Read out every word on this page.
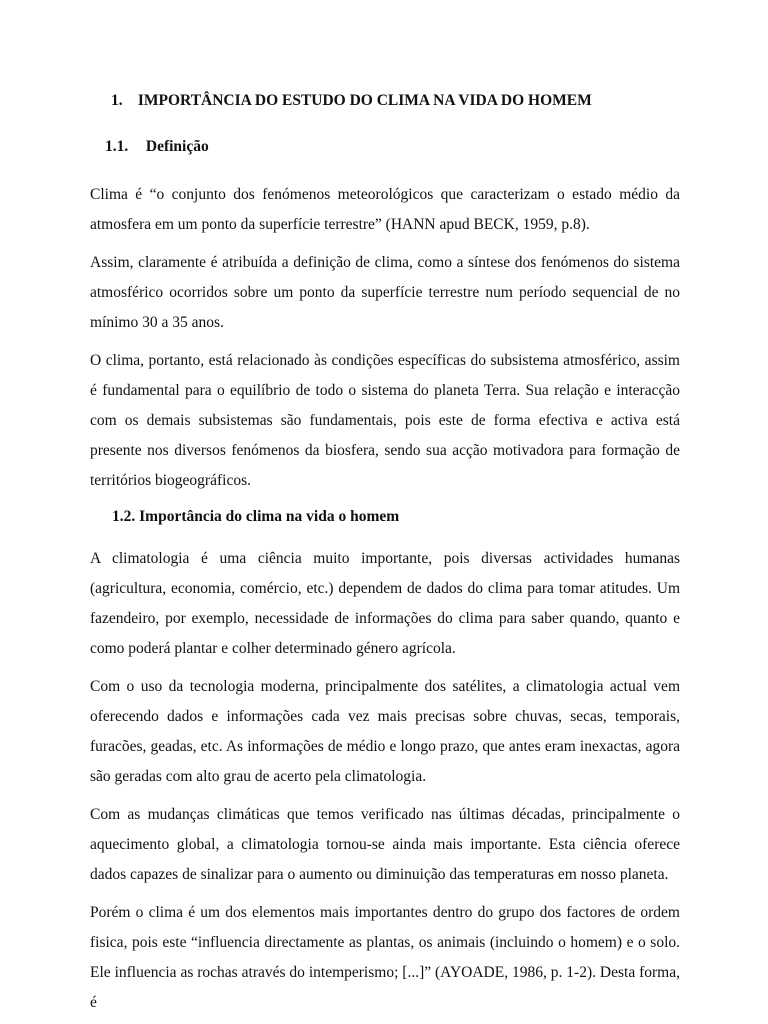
1. IMPORTÂNCIA DO ESTUDO DO CLIMA NA VIDA DO HOMEM
1.1. Definição

Clima é “o conjunto dos fenómenos meteorológicos que caracterizam o estado médio da atmosfera em um ponto da superfície terrestre” (HANN apud BECK, 1959, p.8).

Assim, claramente é atribuída a definição de clima, como a síntese dos fenómenos do sistema atmosférico ocorridos sobre um ponto da superfície terrestre num período sequencial de no mínimo 30 a 35 anos.

O clima, portanto, está relacionado às condições específicas do subsistema atmosférico, assim é fundamental para o equilíbrio de todo o sistema do planeta Terra. Sua relação e interacção com os demais subsistemas são fundamentais, pois este de forma efectiva e activa está presente nos diversos fenómenos da biosfera, sendo sua acção motivadora para formação de territórios biogeográficos.

1.2. Importância do clima na vida o homem

A climatologia é uma ciência muito importante, pois diversas actividades humanas (agricultura, economia, comércio, etc.) dependem de dados do clima para tomar atitudes. Um fazendeiro, por exemplo, necessidade de informações do clima para saber quando, quanto e como poderá plantar e colher determinado género agrícola.

Com o uso da tecnologia moderna, principalmente dos satélites, a climatologia actual vem oferecendo dados e informações cada vez mais precisas sobre chuvas, secas, temporais, furacões, geadas, etc. As informações de médio e longo prazo, que antes eram inexactas, agora são geradas com alto grau de acerto pela climatologia.

Com as mudanças climáticas que temos verificado nas últimas décadas, principalmente o aquecimento global, a climatologia tornou-se ainda mais importante. Esta ciência oferece dados capazes de sinalizar para o aumento ou diminuição das temperaturas em nosso planeta.

Porém o clima é um dos elementos mais importantes dentro do grupo dos factores de ordem fisica, pois este “influencia directamente as plantas, os animais (incluindo o homem) e o solo. Ele influencia as rochas através do intemperismo; [...]” (AYOADE, 1986, p. 1-2). Desta forma, é
